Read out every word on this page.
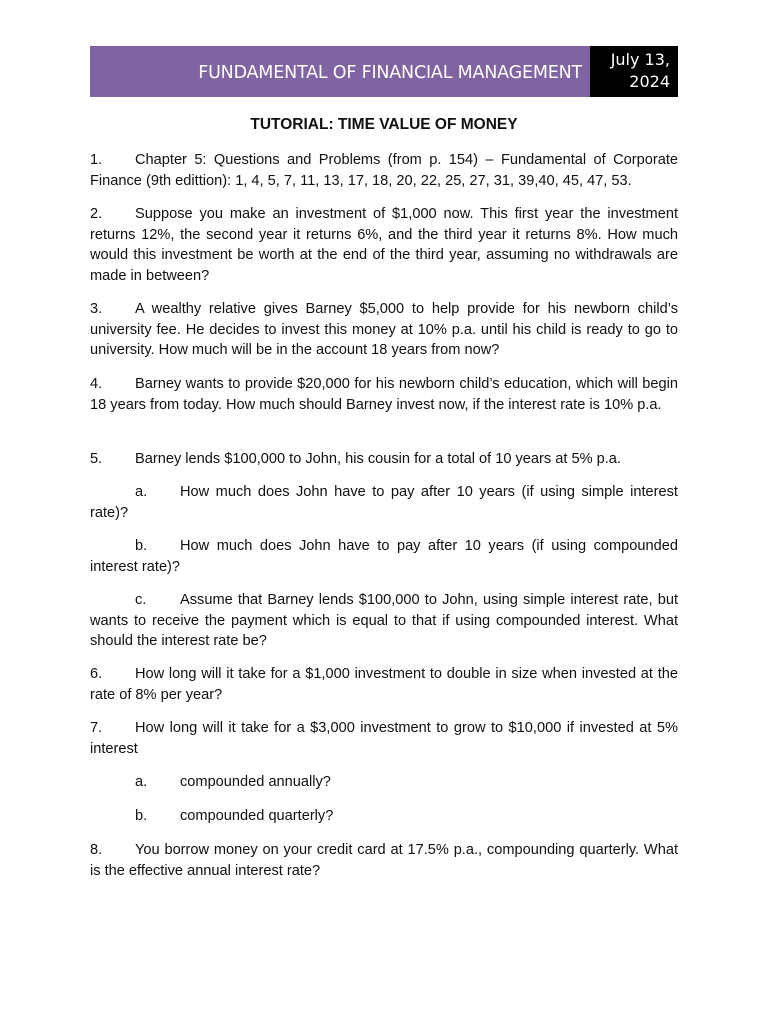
FUNDAMENTAL OF FINANCIAL MANAGEMENT
July 13,
2024
TUTORIAL: TIME VALUE OF MONEY

1. Chapter 5: Questions and Problems (from p. 154) – Fundamental of Corporate Finance (9th edittion): 1, 4, 5, 7, 11, 13, 17, 18, 20, 22, 25, 27, 31, 39,40, 45, 47, 53.

2. Suppose you make an investment of $1,000 now. This first year the investment returns 12%, the second year it returns 6%, and the third year it returns 8%. How much would this investment be worth at the end of the third year, assuming no withdrawals are made in between?

3. A wealthy relative gives Barney $5,000 to help provide for his newborn child’s university fee. He decides to invest this money at 10% p.a. until his child is ready to go to university. How much will be in the account 18 years from now?

4. Barney wants to provide $20,000 for his newborn child’s education, which will begin 18 years from today. How much should Barney invest now, if the interest rate is 10% p.a.

5. Barney lends $100,000 to John, his cousin for a total of 10 years at 5% p.a.

a. How much does John have to pay after 10 years (if using simple interest rate)?

b. How much does John have to pay after 10 years (if using compounded interest rate)?

c. Assume that Barney lends $100,000 to John, using simple interest rate, but wants to receive the payment which is equal to that if using compounded interest. What should the interest rate be?

6. How long will it take for a $1,000 investment to double in size when invested at the rate of 8% per year?

7. How long will it take for a $3,000 investment to grow to $10,000 if invested at 5% interest

a. compounded annually?

b. compounded quarterly?

8. You borrow money on your credit card at 17.5% p.a., compounding quarterly. What is the effective annual interest rate?
